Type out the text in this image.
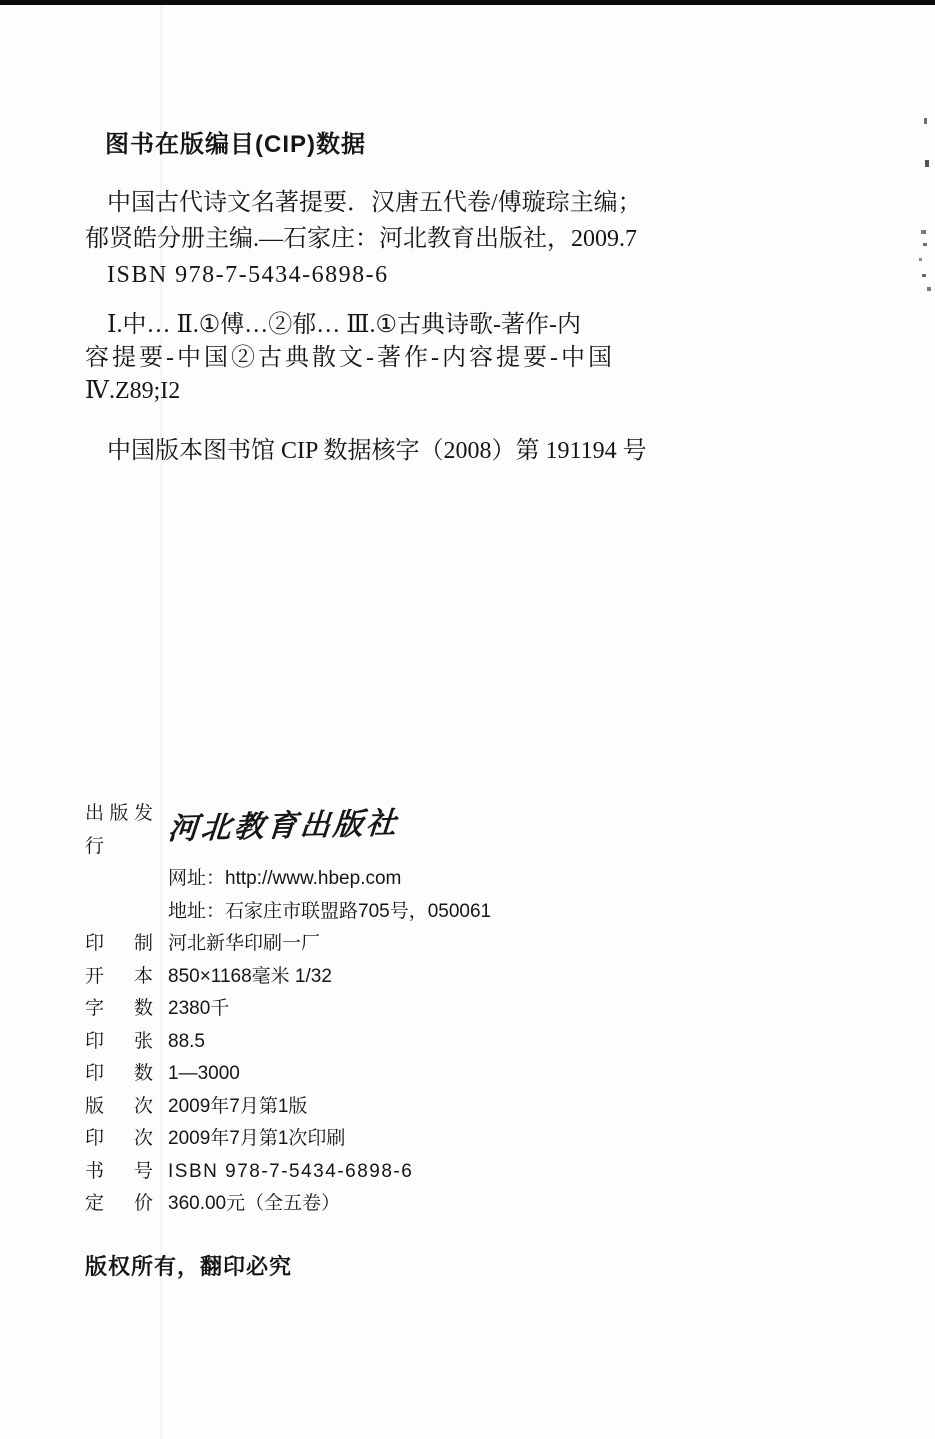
图书在版编目(CIP)数据
中国古代诗文名著提要．汉唐五代卷/傅璇琮主编；
郁贤皓分册主编.—石家庄：河北教育出版社，2009.7
ISBN 978-7-5434-6898-6
Ⅰ.中… Ⅱ.①傅…②郁… Ⅲ.①古典诗歌-著作-内
容提要-中国②古典散文-著作-内容提要-中国
Ⅳ.Z89;I2
中国版本图书馆 CIP 数据核字（2008）第 191194 号
出版发行	河北教育出版社
网址：http://www.hbep.com
地址：石家庄市联盟路705号，050061
印制 河北新华印刷一厂
开本 850×1168毫米 1/32
字数 2380千
印张 88.5
印数 1—3000
版次 2009年7月第1版
印次 2009年7月第1次印刷
书号 ISBN 978-7-5434-6898-6
定价 360.00元（全五卷）
版权所有，翻印必究
